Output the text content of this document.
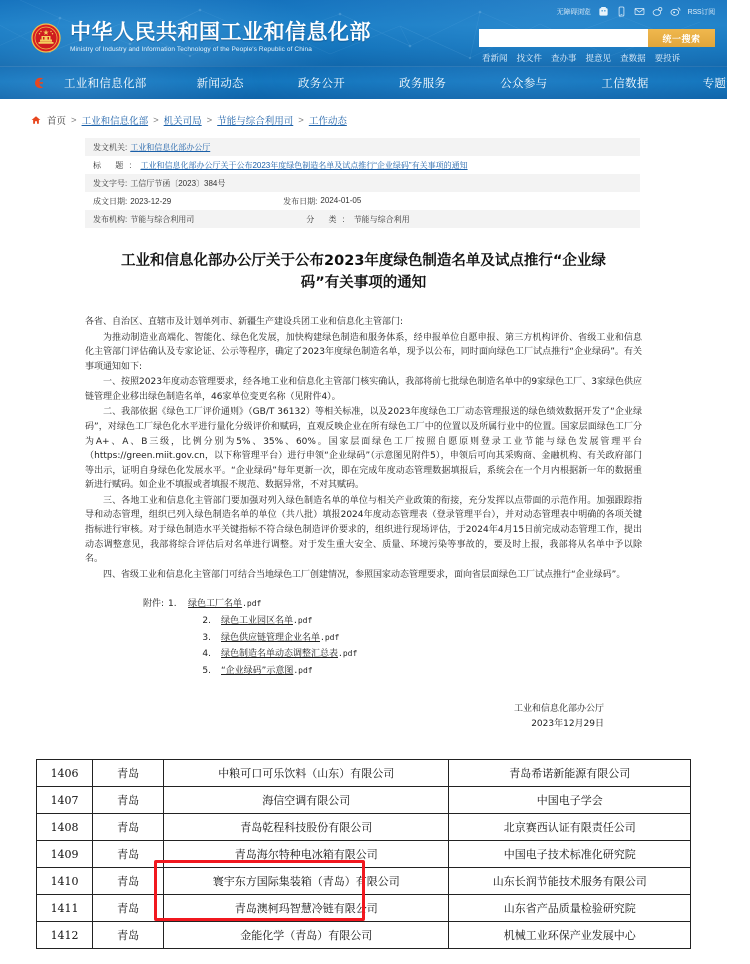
无障碍浏览	RSS订阅
中华人民共和国工业和信息化部
Ministry of Industry and Information Technology of the People's Republic of China
统一搜索
看新闻 找文件 查办事 提意见 查数据 要投诉
工业和信息化部	新闻动态	政务公开	政务服务	公众参与	工信数据	专题专栏
首页 > 工业和信息化部 > 机关司局 > 节能与综合利用司 > 工作动态
发文机关: 工业和信息化部办公厅
标 题: 工业和信息化部办公厅关于公布2023年度绿色制造名单及试点推行“企业绿码”有关事项的通知
发文字号: 工信厅节函〔2023〕384号
成文日期: 2023-12-29	发布日期: 2024-01-05
发布机构: 节能与综合利用司	分 类: 节能与综合利用
工业和信息化部办公厅关于公布2023年度绿色制造名单及试点推行“企业绿码”有关事项的通知

各省、自治区、直辖市及计划单列市、新疆生产建设兵团工业和信息化主管部门:

为推动制造业高端化、智能化、绿色化发展，加快构建绿色制造和服务体系，经申报单位自愿申报、第三方机构评价、省级工业和信息化主管部门评估确认及专家论证、公示等程序，确定了2023年度绿色制造名单，现予以公布，同时面向绿色工厂试点推行“企业绿码”。有关事项通知如下:

一、按照2023年度动态管理要求，经各地工业和信息化主管部门核实确认，我部将前七批绿色制造名单中的9家绿色工厂、3家绿色供应链管理企业移出绿色制造名单，46家单位变更名称（见附件4）。

二、我部依据《绿色工厂评价通则》（GB/T 36132）等相关标准，以及2023年度绿色工厂动态管理报送的绿色绩效数据开发了“企业绿码”，对绿色工厂绿色化水平进行量化分级评价和赋码，直观反映企业在所有绿色工厂中的位置以及所属行业中的位置。国家层面绿色工厂分为A+、A、B三级，比例分别为5%、35%、60%。国家层面绿色工厂按照自愿原则登录工业节能与绿色发展管理平台（https://green.miit.gov.cn，以下称管理平台）进行申领“企业绿码”（示意图见附件5），申领后可向其采购商、金融机构、有关政府部门等出示，证明自身绿色化发展水平。“企业绿码”每年更新一次，即在完成年度动态管理数据填报后，系统会在一个月内根据新一年的数据重新进行赋码。如企业不填报或者填报不规范、数据异常，不对其赋码。

三、各地工业和信息化主管部门要加强对列入绿色制造名单的单位与相关产业政策的衔接，充分发挥以点带面的示范作用。加强跟踪指导和动态管理，组织已列入绿色制造名单的单位（共八批）填报2024年度动态管理表（登录管理平台），并对动态管理表中明确的各项关键指标进行审核。对于绿色制造水平关键指标不符合绿色制造评价要求的，组织进行现场评估，于2024年4月15日前完成动态管理工作，提出动态调整意见，我部将综合评估后对名单进行调整。对于发生重大安全、质量、环境污染等事故的，要及时上报，我部将从名单中予以除名。

四、省级工业和信息化主管部门可结合当地绿色工厂创建情况，参照国家动态管理要求，面向省层面绿色工厂试点推行“企业绿码”。

附件: 1.	绿色工厂名单.pdf
2. 绿色工业园区名单.pdf
3. 绿色供应链管理企业名单.pdf
4. 绿色制造名单动态调整汇总表.pdf
5. “企业绿码”示意图.pdf
工业和信息化部办公厅
2023年12月29日
1406	青岛	中粮可口可乐饮料（山东）有限公司	青岛希诺新能源有限公司
1407	青岛	海信空调有限公司	中国电子学会
1408	青岛	青岛乾程科技股份有限公司	北京赛西认证有限责任公司
1409	青岛	青岛海尔特种电冰箱有限公司	中国电子技术标准化研究院
1410	青岛	寰宇东方国际集装箱（青岛）有限公司	山东长润节能技术服务有限公司
1411	青岛	青岛澳柯玛智慧冷链有限公司	山东省产品质量检验研究院
1412	青岛	金能化学（青岛）有限公司	机械工业环保产业发展中心
